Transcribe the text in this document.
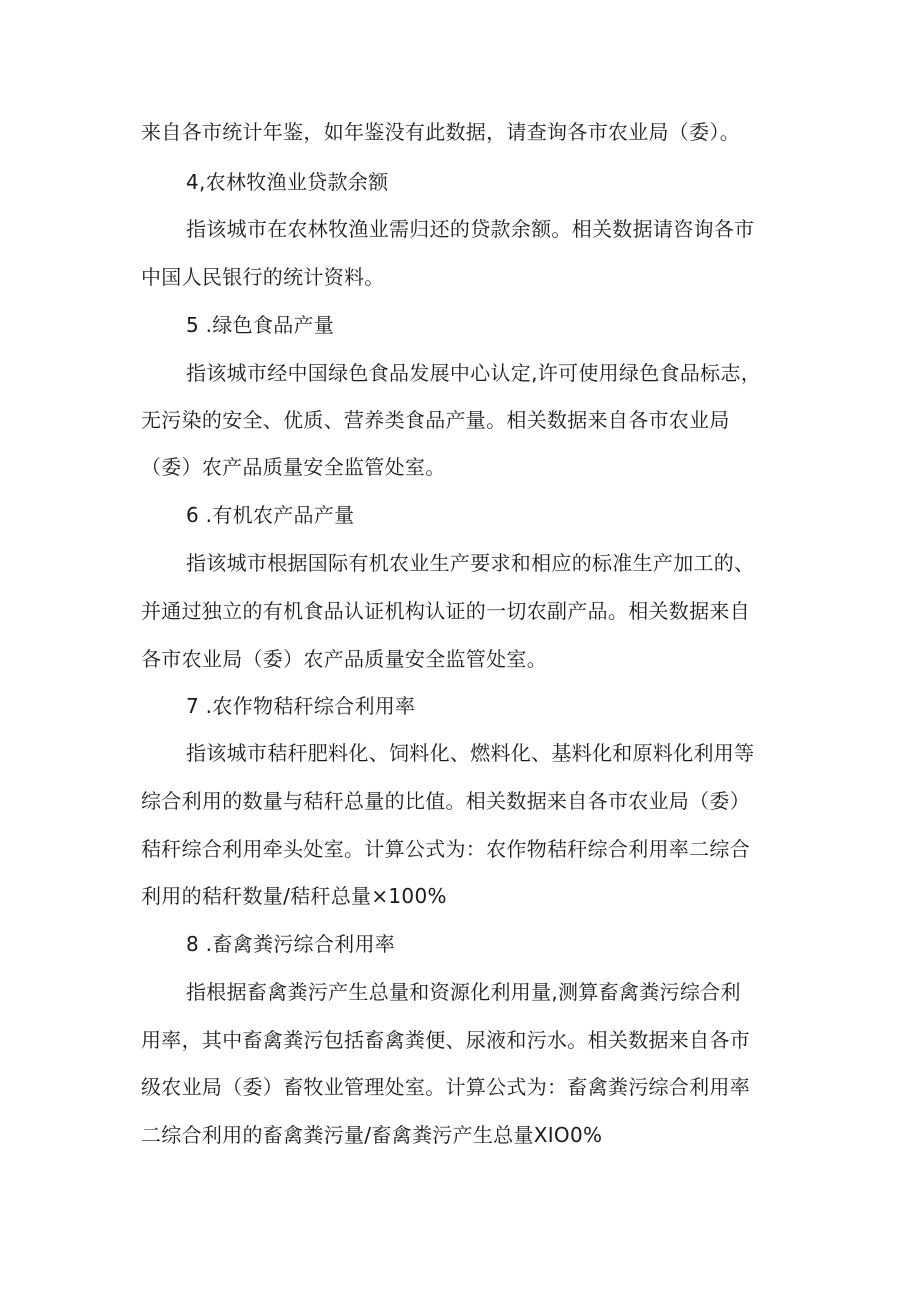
来自各市统计年鉴，如年鉴没有此数据，请查询各市农业局（委）。
4,农林牧渔业贷款余额
指该城市在农林牧渔业需归还的贷款余额。相关数据请咨询各市
中国人民银行的统计资料。
5 .绿色食品产量
指该城市经中国绿色食品发展中心认定,许可使用绿色食品标志，
无污染的安全、优质、营养类食品产量。相关数据来自各市农业局
（委）农产品质量安全监管处室。
6 .有机农产品产量
指该城市根据国际有机农业生产要求和相应的标准生产加工的、
并通过独立的有机食品认证机构认证的一切农副产品。相关数据来自
各市农业局（委）农产品质量安全监管处室。
7 .农作物秸秆综合利用率
指该城市秸秆肥料化、饲料化、燃料化、基料化和原料化利用等
综合利用的数量与秸秆总量的比值。相关数据来自各市农业局（委）
秸秆综合利用牵头处室。计算公式为：农作物秸秆综合利用率二综合
利用的秸秆数量/秸秆总量×100%
8 .畜禽粪污综合利用率
指根据畜禽粪污产生总量和资源化利用量,测算畜禽粪污综合利
用率，其中畜禽粪污包括畜禽粪便、尿液和污水。相关数据来自各市
级农业局（委）畜牧业管理处室。计算公式为：畜禽粪污综合利用率
二综合利用的畜禽粪污量/畜禽粪污产生总量XIO0%
